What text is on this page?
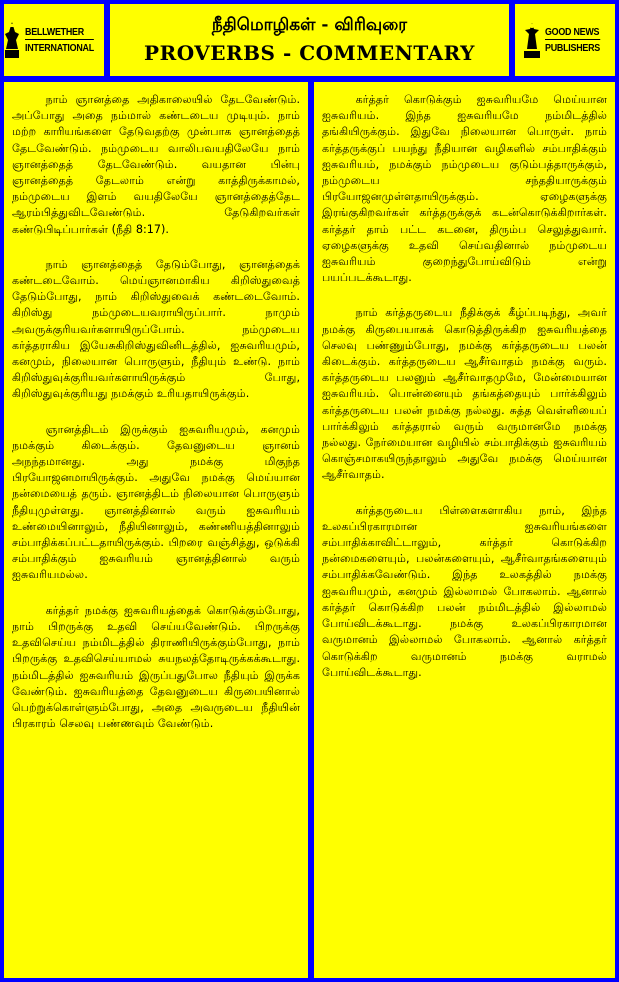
BELLWETHER
INTERNATIONAL
நீதிமொழிகள் - விரிவுரை
PROVERBS - COMMENTARY
GOOD NEWS
PUBLISHERS

நாம் ஞானத்தை அதிகாலையில் தேடவேண்டும். அப்போது அதை நம்மால் கண்டடைய முடியும். நாம் மற்ற காரியங்களை தேடுவதற்கு முன்பாக ஞானத்தைத் தேடவேண்டும். நம்முடைய வாலிபவயதிலேயே நாம் ஞானத்தைத் தேடவேண்டும். வயதான பின்பு ஞானத்தைத் தேடலாம் என்று காத்திருக்காமல், நம்முடைய இளம் வயதிலேயே ஞானத்தைத்தேட ஆரம்பித்துவிடவேண்டும். தேடுகிறவர்கள் கண்டுபிடிப்பார்கள் (நீதி 8:17).

நாம் ஞானத்தைத் தேடும்போது, ஞானத்தைக் கண்டடைவோம். மெய்ஞானமாகிய கிறிஸ்துவைத் தேடும்போது, நாம் கிறிஸ்துவைக் கண்டடைவோம். கிறிஸ்து நம்முடையவராயிருப்பார். நாமும் அவருக்குரியவர்களாயிருப்போம். நம்முடைய கர்த்தராகிய இயேசுகிறிஸ்துவினிடத்தில், ஐசுவரியமும், கனமும், நிலையான பொருளும், நீதியும் உண்டு. நாம் கிறிஸ்துவுக்குரியவர்களாயிருக்கும் போது, கிறிஸ்துவுக்குரியது நமக்கும் உரியதாயிருக்கும்.

ஞானத்திடம் இருக்கும் ஐசுவரியமும், கனமும் நமக்கும் கிடைக்கும். தேவனுடைய ஞானம் அநந்தமானது. அது நமக்கு மிகுந்த பிரயோஜனமாயிருக்கும். அதுவே நமக்கு மெய்யான நன்மையைத் தரும். ஞானத்திடம் நிலையான பொருளும் நீதியுமுள்ளது. ஞானத்தினால் வரும் ஐசுவரியம் உண்மையினாலும், நீதியினாலும், கண்ணியத்தினாலும் சம்பாதிக்கப்பட்டதாயிருக்கும். பிறரை வஞ்சித்து, ஒடுக்கி சம்பாதிக்கும் ஐசுவரியம் ஞானத்தினால் வரும் ஐசுவரியமல்ல.

கர்த்தர் நமக்கு ஐசுவரியத்தைக் கொடுக்கும்போது, நாம் பிறருக்கு உதவி செய்யவேண்டும். பிறருக்கு உதவிசெய்ய நம்மிடத்தில் திராணியிருக்கும்போது, நாம் பிறருக்கு உதவிசெய்யாமல் சுயநலத்தோடிருக்கக்கூடாது. நம்மிடத்தில் ஐசுவரியம் இருப்பதுபோல நீதியும் இருக்க வேண்டும். ஐசுவரியத்தை தேவனுடைய கிருபையினால் பெற்றுக்கொள்ளும்போது, அதை அவருடைய நீதியின் பிரகாரம் செலவு பண்ணவும் வேண்டும்.

கர்த்தர் கொடுக்கும் ஐசுவரியமே மெய்யான ஐசுவரியம். இந்த ஐசுவரியமே நம்மிடத்தில் தங்கியிருக்கும். இதுவே நிலையான பொருள். நாம் கர்த்தருக்குப் பயந்து நீதியான வழிகளில் சம்பாதிக்கும் ஐசுவரியம், நமக்கும் நம்முடைய குடும்பத்தாருக்கும், நம்முடைய சந்ததியாருக்கும் பிரயோஜனமுள்ளதாயிருக்கும். ஏழைகளுக்கு இரங்குகிறவர்கள் கர்த்தருக்குக் கடன்கொடுக்கிறார்கள். கர்த்தர் தாம் பட்ட கடனை, திரும்ப செலுத்துவார். ஏழைகளுக்கு உதவி செய்வதினால் நம்முடைய ஐசுவரியம் குறைந்துபோய்விடும் என்று பயப்படக்கூடாது.

நாம் கர்த்தருடைய நீதிக்குக் கீழ்ப்படிந்து, அவர் நமக்கு கிருபையாகக் கொடுத்திருக்கிற ஐசுவரியத்தை செலவு பண்ணும்போது, நமக்கு கர்த்தருடைய பலன் கிடைக்கும். கர்த்தருடைய ஆசீர்வாதம் நமக்கு வரும். கர்த்தருடைய பலனும் ஆசீர்வாதமுமே, மேன்மையான ஐசுவரியம். பொன்னையும் தங்கத்தையும் பார்க்கிலும் கர்த்தருடைய பலன் நமக்கு நல்லது. சுத்த வெள்ளியைப் பார்க்கிலும் கர்த்தரால் வரும் வருமானமே நமக்கு நல்லது. நேர்மையான வழியில் சம்பாதிக்கும் ஐசுவரியம் கொஞ்சமாகயிருந்தாலும் அதுவே நமக்கு மெய்யான ஆசீர்வாதம்.

கர்த்தருடைய பிள்ளைகளாகிய நாம், இந்த உலகப்பிரகாரமான ஐசுவரியங்களை சம்பாதிக்காவிட்டாலும், கர்த்தர் கொடுக்கிற நன்மைகளையும், பலன்களையும், ஆசீர்வாதங்களையும் சம்பாதிக்கவேண்டும். இந்த உலகத்தில் நமக்கு ஐசுவரியமும், கனமும் இல்லாமல் போகலாம். ஆனால் கர்த்தர் கொடுக்கிற பலன் நம்மிடத்தில் இல்லாமல் போய்விடக்கூடாது. நமக்கு உலகப்பிரகாரமான வருமானம் இல்லாமல் போகலாம். ஆனால் கர்த்தர் கொடுக்கிற வருமானம் நமக்கு வராமல் போய்விடக்கூடாது.
